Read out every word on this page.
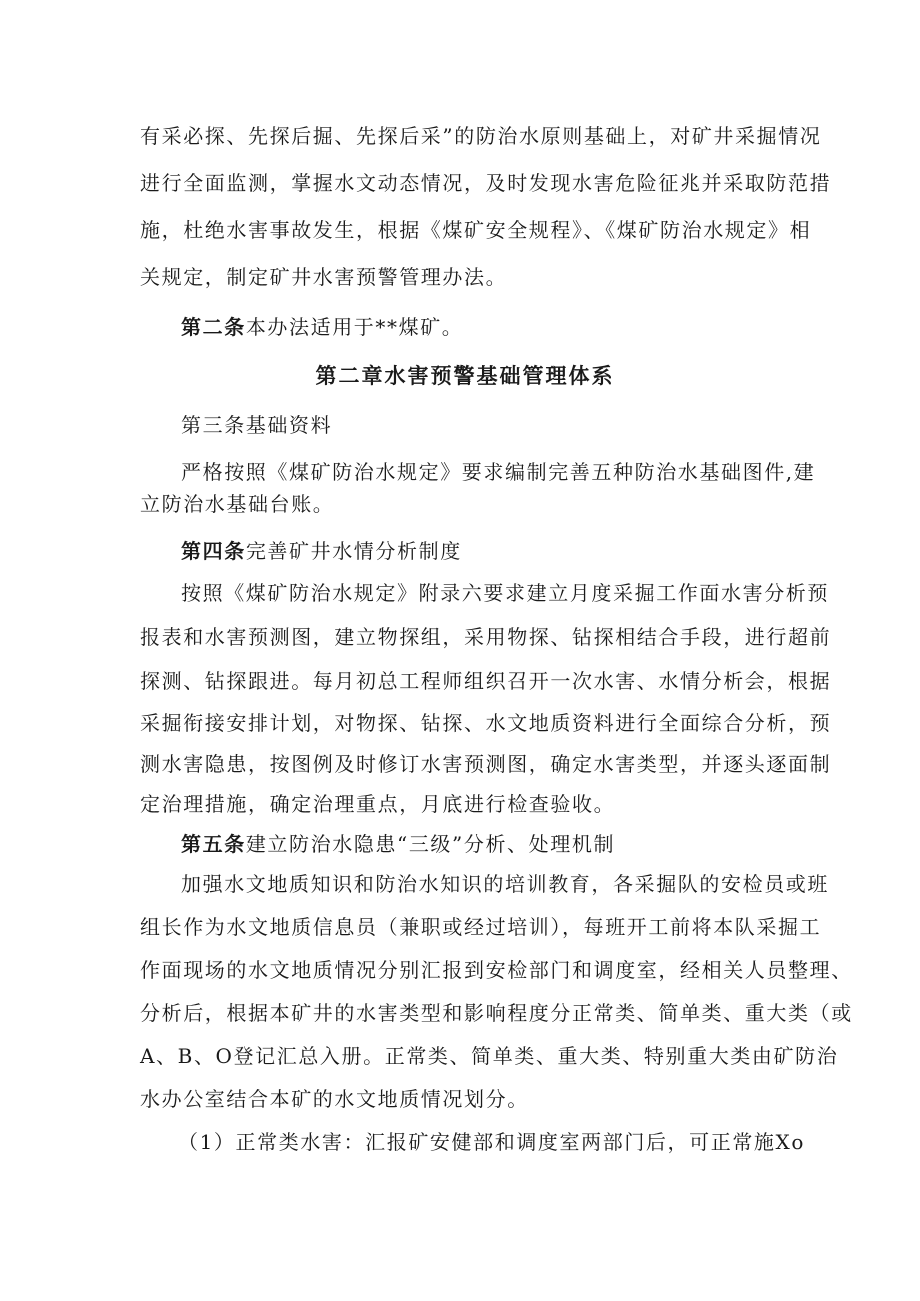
有采必探、先探后掘、先探后采”的防治水原则基础上，对矿井采掘情况
进行全面监测，掌握水文动态情况，及时发现水害危险征兆并采取防范措
施，杜绝水害事故发生，根据《煤矿安全规程》、《煤矿防治水规定》相
关规定，制定矿井水害预警管理办法。
第二条本办法适用于**煤矿。
第二章水害预警基础管理体系
第三条基础资料
严格按照《煤矿防治水规定》要求编制完善五种防治水基础图件,建
立防治水基础台账。
第四条完善矿井水情分析制度
按照《煤矿防治水规定》附录六要求建立月度采掘工作面水害分析预
报表和水害预测图，建立物探组，采用物探、钻探相结合手段，进行超前
探测、钻探跟进。每月初总工程师组织召开一次水害、水情分析会，根据
采掘衔接安排计划，对物探、钻探、水文地质资料进行全面综合分析，预
测水害隐患，按图例及时修订水害预测图，确定水害类型，并逐头逐面制
定治理措施，确定治理重点，月底进行检查验收。
第五条建立防治水隐患“三级”分析、处理机制
加强水文地质知识和防治水知识的培训教育，各采掘队的安检员或班
组长作为水文地质信息员（兼职或经过培训），每班开工前将本队采掘工
作面现场的水文地质情况分别汇报到安检部门和调度室，经相关人员整理、
分析后，根据本矿井的水害类型和影响程度分正常类、简单类、重大类（或
A、B、O登记汇总入册。正常类、简单类、重大类、特别重大类由矿防治
水办公室结合本矿的水文地质情况划分。
（1）正常类水害：汇报矿安健部和调度室两部门后，可正常施Xo
